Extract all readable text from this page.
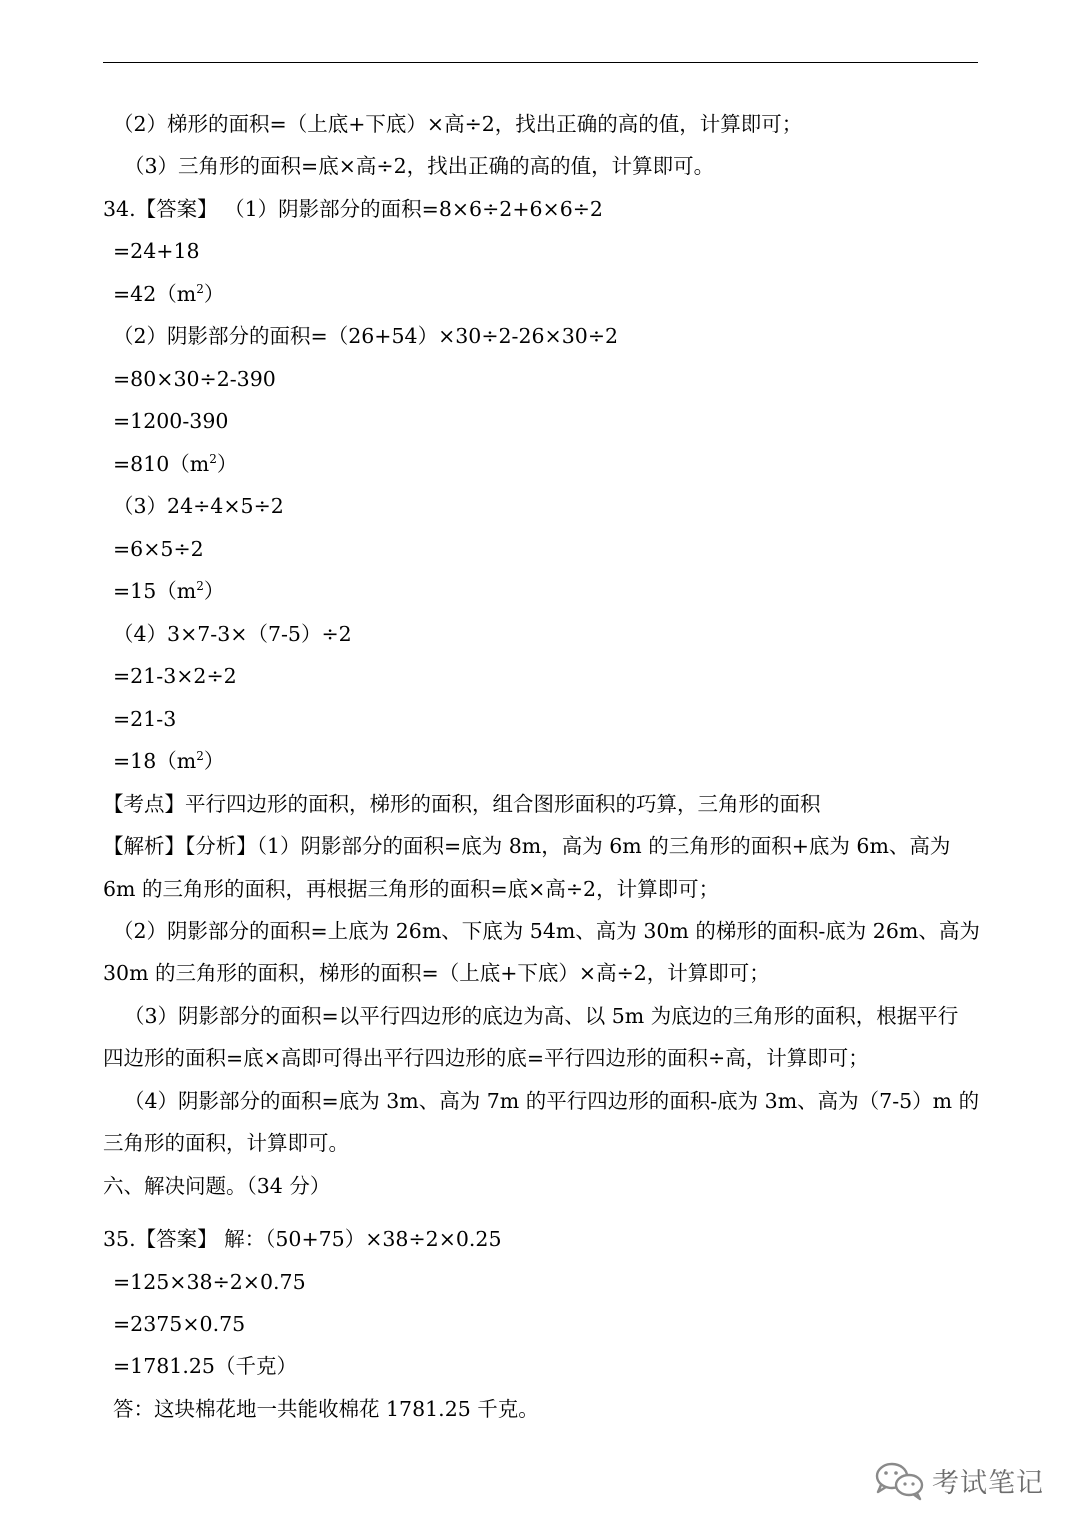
（2）梯形的面积=（上底+下底）×高÷2，找出正确的高的值，计算即可；
（3）三角形的面积=底×高÷2，找出正确的高的值，计算即可。
34.【答案】 （1）阴影部分的面积=8×6÷2+6×6÷2
=24+18
$=42(m^2)$
（2）阴影部分的面积=（26+54）×30÷2-26×30÷2
=80×30÷2-390
=1200-390
$=810(m^2)$
（3）24÷4×5÷2
=6×5÷2
$=15(m^2)$
（4）3×7-3×（7-5）÷2
=21-3×2÷2
=21-3
$=18(m^2)$
【考点】平行四边形的面积，梯形的面积，组合图形面积的巧算，三角形的面积
【解析】【分析】（1）阴影部分的面积=底为 8m，高为 6m 的三角形的面积+底为 6m、高为
6m 的三角形的面积，再根据三角形的面积=底×高÷2，计算即可；
（2）阴影部分的面积=上底为 26m、下底为 54m、高为 30m 的梯形的面积-底为 26m、高为
30m 的三角形的面积，梯形的面积=（上底+下底）×高÷2，计算即可；
（3）阴影部分的面积=以平行四边形的底边为高、以 5m 为底边的三角形的面积，根据平行
四边形的面积=底×高即可得出平行四边形的底=平行四边形的面积÷高，计算即可；
（4）阴影部分的面积=底为 3m、高为 7m 的平行四边形的面积-底为 3m、高为（7-5）m 的
三角形的面积，计算即可。
六、解决问题。（34 分）
35.【答案】 解：（50+75）×38÷2×0.25
=125×38÷2×0.75
=2375×0.75
=1781.25（千克）
答：这块棉花地一共能收棉花 1781.25 千克。
考试笔记
